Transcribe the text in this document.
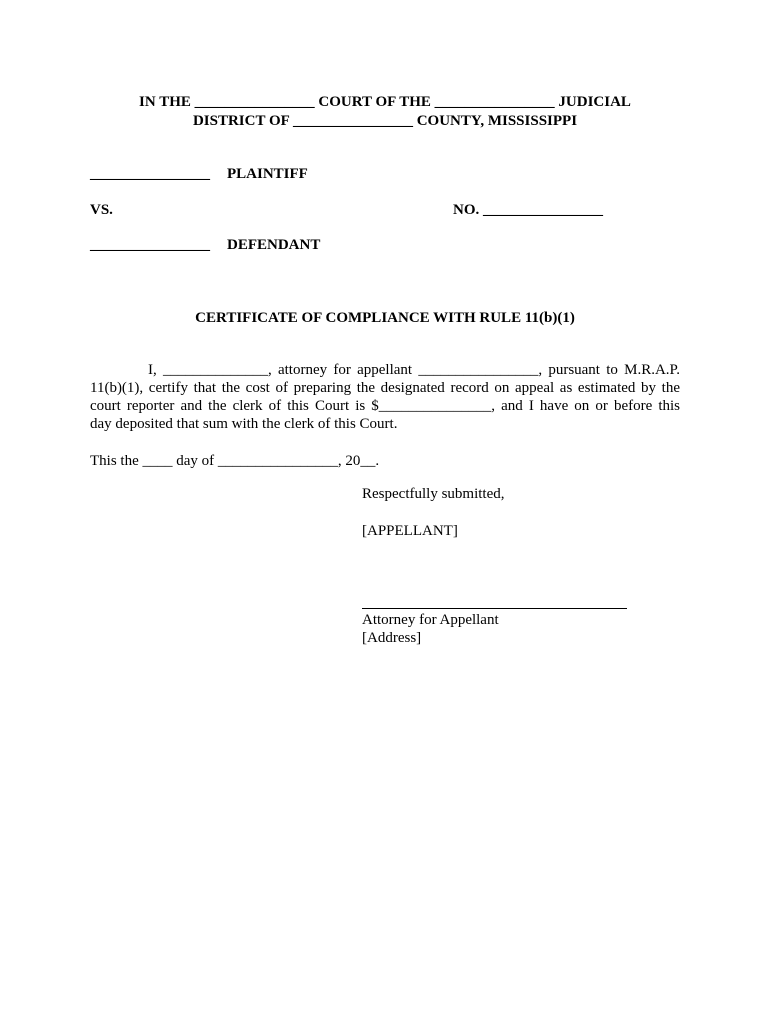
IN THE ________________ COURT OF THE ________________ JUDICIAL
DISTRICT OF ________________ COUNTY, MISSISSIPPI
________________ PLAINTIFF
VS.	NO. ________________
________________ DEFENDANT
CERTIFICATE OF COMPLIANCE WITH RULE 11(b)(1)
I, ______________, attorney for appellant ________________, pursuant to M.R.A.P.
11(b)(1), certify that the cost of preparing the designated record on appeal as estimated by the
court reporter and the clerk of this Court is $_______________, and I have on or before this
day deposited that sum with the clerk of this Court.
This the ____ day of ________________, 20__.
Respectfully submitted,
[APPELLANT]
Attorney for Appellant
[Address]
